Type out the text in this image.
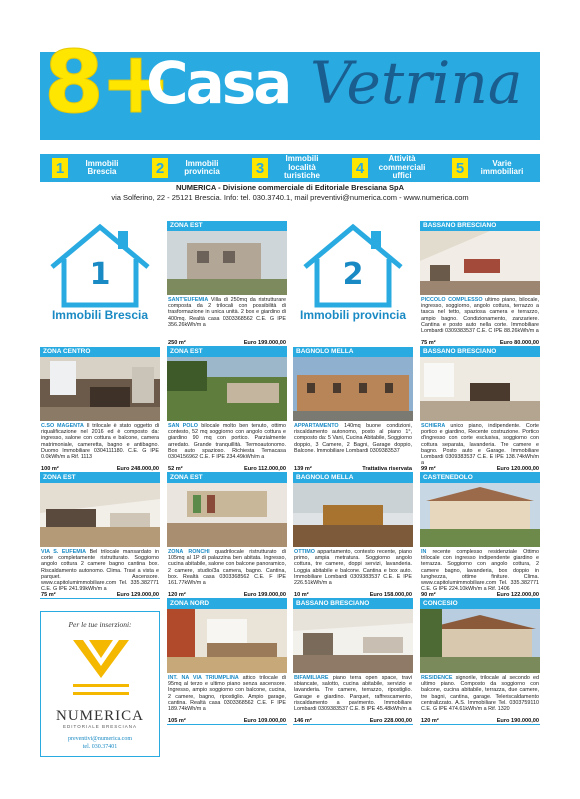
8+
Casa Vetrina
1	Immobili Brescia	2	Immobili provincia	3
Immobili località turistiche	4
Attività commerciali uffici	5	Varie immobiliari
NUMERICA - Divisione commerciale di Editoriale Bresciana SpA
via Solferino, 22 - 25121 Brescia. Info: tel. 030.3740.1, mail preventivi@numerica.com - www.numerica.com
1
Immobili Brescia
ZONA CENTRO
C.SO MAGENTA Il trilocale è stato oggetto di riqualificazione nel 2016 ed è composto da: ingresso, salone con cottura e balcone, camera matrimoniale, cameretta, bagno e antibagno. Duomo Immobiliare 0304111180. C.E. G IPE 0.0kWh/m a Rif. 1113
100 m²	Euro 248.000,00
ZONA EST
VIA S. EUFEMIA Bel trilocale mansardato in corte completamente ristrutturato. Soggiorno angolo cottura 2 camere bagno cantina box. Riscaldamento autonomo. Clima. Travi a vista e parquet. Ascensore. www.capitolumimmobiliare.com Tel. 335.382771 C.E. G IPE 241.99kWh/m a
75 m²	Euro 129.000,00
Per le tue inserzioni:
NUMERICA
EDITORIALE BRESCIANA
preventivi@numerica.com
tel. 030.37401
ZONA EST
SANT'EUFEMIA Villa di 250mq da ristrutturare composta da 2 trilocali con possibilità di trasformazione in unica unità. 2 box e giardino di 400mq. Realtà casa 0303368562 C.E. G IPE 356.26kWh/m a
250 m²	Euro 199.000,00
ZONA EST
SAN POLO bilocale molto ben tenuto, ottimo contesto, 52 mq soggiorno con angolo cottura e giardino 90 mq con portico. Parzialmente arredato. Grande tranquillità. Termoautonomo. Box auto spazioso. Richiesta Temacasa 0304156962 C.E. F IPE 234.49kWh/m a
52 m²	Euro 112.000,00
ZONA EST
ZONA RONCHI quadrilocale ristrutturato di 105mq al 1P di palazzina ben abitata. Ingresso, cucina abitabile, salone con balcone panoramico, 2 camere, studio/3a camera, bagno. Cantina, box. Realtà casa 0303368562 C.E. F IPE 161.77kWh/m a
120 m²	Euro 199.000,00
ZONA NORD
INT. NA VIA TRIUMPLINA attico trilocale di 95mq al terzo e ultimo piano senza ascensore. Ingresso, ampio soggiorno con balcone, cucina, 2 camere, bagno, ripostiglio. Ampio garage, cantina. Realtà casa 0303368562 C.E. F IPE 189.74kWh/m a
105 m²	Euro 109.000,00
2
Immobili provincia
BAGNOLO MELLA
APPARTAMENTO 140mq buone condizioni, riscaldamento autonomo, posto al piano 1°, composto da: 5 Vani, Cucina Abitabile, Soggiorno doppio, 3 Camere, 2 Bagni, Garage doppio, Balcone. Immobiliare Lombardi 0309383537
139 m²	Trattativa riservata
BAGNOLO MELLA
OTTIMO appartamento, contesto recente, piano primo, ampia metratura. Soggiorno angolo cottura, tre camere, doppi servizi, lavanderia. Loggia abitabile e balcone. Cantina e box auto. Immobiliare Lombardi 0309383537 C.E. E IPE 226.51kWh/m a
10 m²	Euro 158.000,00
BASSANO BRESCIANO
BIFAMILIARE piano terra open space, travi sbiancate, salotto, cucina abitabile, servizio e lavanderia. Tre camere, terrazzo, ripostiglio. Garage e giardino. Parquet, raffrescamento, riscaldamento a pavimento. Immobiliare Lombardi 0309383537 C.E. B IPE 45.48kWh/m a
146 m²	Euro 228.000,00
BASSANO BRESCIANO
PICCOLO COMPLESSO ultimo piano, bilocale, ingresso, soggiorno, angolo cottura, terrazzo a tasca nel tetto, spaziosa camera e terrazzo, ampio bagno. Condizionamento, zanzariere. Cantina e posto auto nella corte. Immobiliare Lombardi 0309383537 C.E. C IPE 88.26kWh/m a
75 m²	Euro 80.000,00
BASSANO BRESCIANO
SCHIERA unico piano, indipendente. Corte portico e giardino, Recente costruzione. Portico d'ingresso con corte esclusiva, soggiorno con cottura separata, lavanderia. Tre camere e bagno. Posto auto e Garage. Immobiliare Lombardi 0309383537 C.E. E IPE 138.74kWh/m a
99 m²	Euro 120.000,00
CASTENEDOLO
IN recente complesso residenziale Ottimo trilocale con ingresso indipendente giardino e terrazza. Soggiorno con angolo cottura, 2 camere bagno, lavanderia, box doppio in lunghezza, ottime finiture. Clima. www.capitolumimmobiliare.com Tel. 335.382771 C.E. G IPE 224.10kWh/m a Rif. 1406
90 m²	Euro 122.000,00
CONCESIO
RESIDENCE signorile, trilocale al secondo ed ultimo piano. Composto da soggiorno con balcone, cucina abitabile, terrazza, due camere, tre bagni, cantina, garage. Teleriscaldamento centralizzato. A.S. Immobiliare Tel. 0303759110 C.E. G IPE 474.61kWh/m a Rif. 1320
120 m²	Euro 190.000,00
